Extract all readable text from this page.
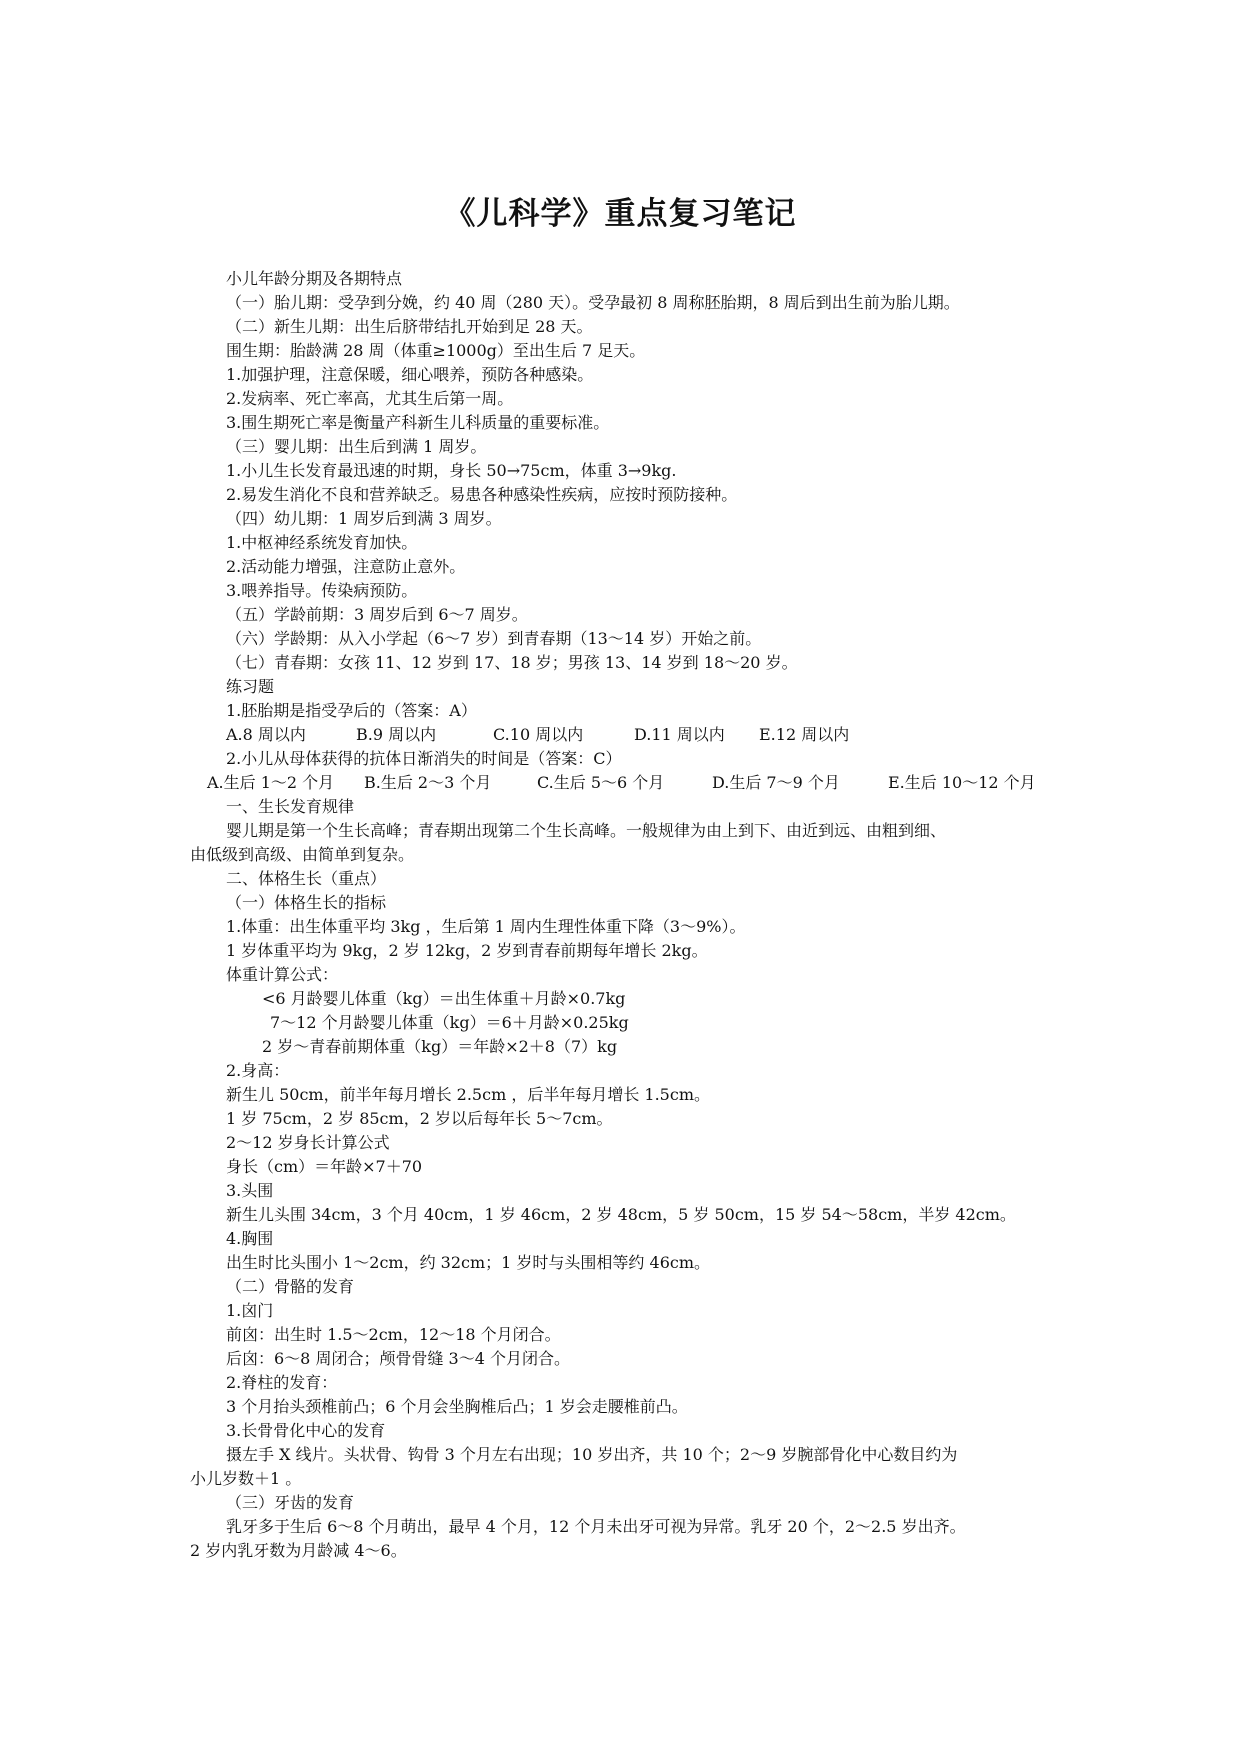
《儿科学》重点复习笔记
小儿年龄分期及各期特点
（一）胎儿期：受孕到分娩，约 40 周（280 天）。受孕最初 8 周称胚胎期，8 周后到出生前为胎儿期。
（二）新生儿期：出生后脐带结扎开始到足 28 天。
围生期：胎龄满 28 周（体重≥1000g）至出生后 7 足天。
1.加强护理，注意保暖，细心喂养，预防各种感染。
2.发病率、死亡率高，尤其生后第一周。
3.围生期死亡率是衡量产科新生儿科质量的重要标准。
（三）婴儿期：出生后到满 1 周岁。
1.小儿生长发育最迅速的时期，身长 50→75cm，体重 3→9kg.
2.易发生消化不良和营养缺乏。易患各种感染性疾病，应按时预防接种。
（四）幼儿期：1 周岁后到满 3 周岁。
1.中枢神经系统发育加快。
2.活动能力增强，注意防止意外。
3.喂养指导。传染病预防。
（五）学龄前期：3 周岁后到 6～7 周岁。
（六）学龄期：从入小学起（6～7 岁）到青春期（13～14 岁）开始之前。
（七）青春期：女孩 11、12 岁到 17、18 岁；男孩 13、14 岁到 18～20 岁。
练习题
1.胚胎期是指受孕后的（答案：A）
A.8 周以内	B.9 周以内	C.10 周以内	D.11 周以内 E.12 周以内
2.小儿从母体获得的抗体日渐消失的时间是（答案：C）
A.生后 1～2 个月 B.生后 2～3 个月	C.生后 5～6 个月	D.生后 7～9 个月	E.生后 10～12 个月
一、生长发育规律
婴儿期是第一个生长高峰；青春期出现第二个生长高峰。一般规律为由上到下、由近到远、由粗到细、
由低级到高级、由简单到复杂。
二、体格生长（重点）
（一）体格生长的指标
1.体重：出生体重平均 3kg ，生后第 1 周内生理性体重下降（3～9%）。
1 岁体重平均为 9kg，2 岁 12kg，2 岁到青春前期每年增长 2kg。
体重计算公式：
<6 月龄婴儿体重（kg）＝出生体重＋月龄×0.7kg
7～12 个月龄婴儿体重（kg）＝6＋月龄×0.25kg
2 岁～青春前期体重（kg）＝年龄×2＋8（7）kg
2.身高：
新生儿 50cm，前半年每月增长 2.5cm ，后半年每月增长 1.5cm。
1 岁 75cm，2 岁 85cm，2 岁以后每年长 5～7cm。
2～12 岁身长计算公式
身长（cm）＝年龄×7＋70
3.头围
新生儿头围 34cm，3 个月 40cm，1 岁 46cm，2 岁 48cm，5 岁 50cm，15 岁 54～58cm，半岁 42cm。
4.胸围
出生时比头围小 1～2cm，约 32cm；1 岁时与头围相等约 46cm。
（二）骨骼的发育
1.囟门
前囟：出生时 1.5～2cm，12～18 个月闭合。
后囟：6～8 周闭合；颅骨骨缝 3～4 个月闭合。
2.脊柱的发育：
3 个月抬头颈椎前凸；6 个月会坐胸椎后凸；1 岁会走腰椎前凸。
3.长骨骨化中心的发育
摄左手 X 线片。头状骨、钩骨 3 个月左右出现；10 岁出齐，共 10 个；2～9 岁腕部骨化中心数目约为
小儿岁数＋1 。
（三）牙齿的发育
乳牙多于生后 6～8 个月萌出，最早 4 个月，12 个月未出牙可视为异常。乳牙 20 个，2～2.5 岁出齐。
2 岁内乳牙数为月龄减 4～6。
